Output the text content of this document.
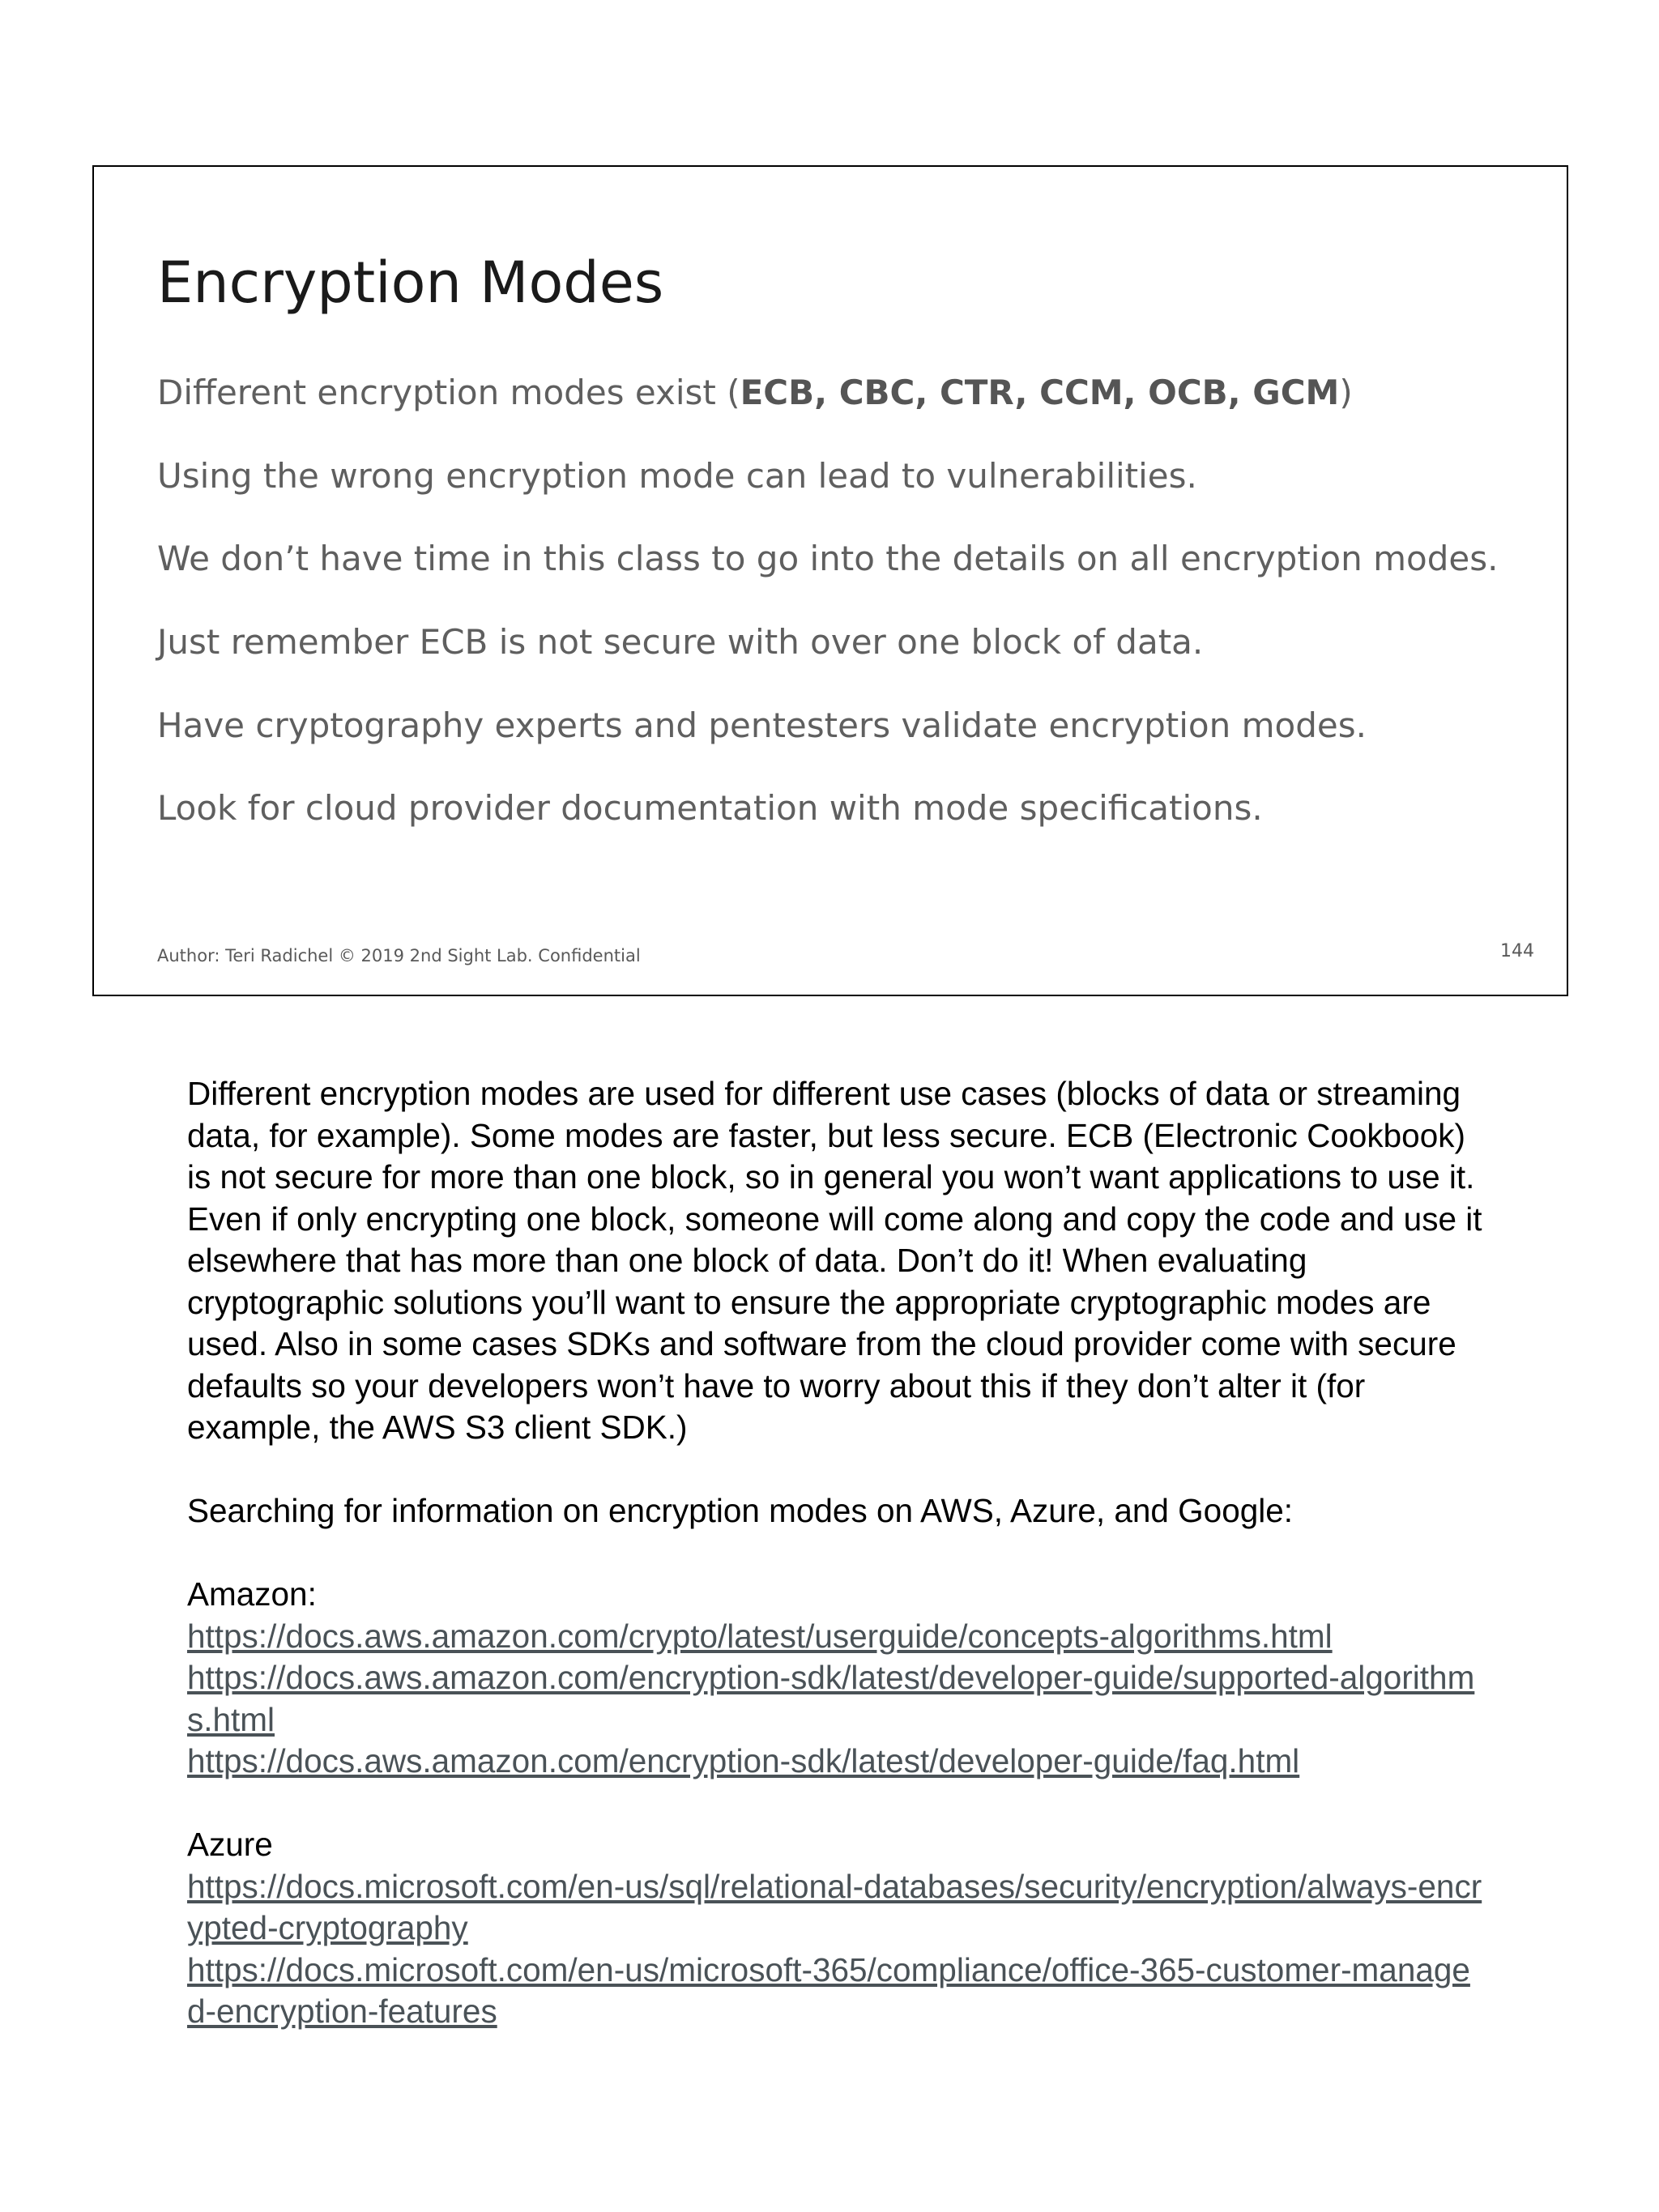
Encryption Modes

Different encryption modes exist (ECB, CBC, CTR, CCM, OCB, GCM)

Using the wrong encryption mode can lead to vulnerabilities.

We don’t have time in this class to go into the details on all encryption modes.

Just remember ECB is not secure with over one block of data.

Have cryptography experts and pentesters validate encryption modes.

Look for cloud provider documentation with mode specifications.

Author: Teri Radichel © 2019 2nd Sight Lab. Confidential	144

Different encryption modes are used for different use cases (blocks of data or streaming data, for example). Some modes are faster, but less secure. ECB (Electronic Cookbook) is not secure for more than one block, so in general you won’t want applications to use it. Even if only encrypting one block, someone will come along and copy the code and use it elsewhere that has more than one block of data. Don’t do it! When evaluating cryptographic solutions you’ll want to ensure the appropriate cryptographic modes are used. Also in some cases SDKs and software from the cloud provider come with secure defaults so your developers won’t have to worry about this if they don’t alter it (for example, the AWS S3 client SDK.)

Searching for information on encryption modes on AWS, Azure, and Google:

Amazon:

https://docs.aws.amazon.com/crypto/latest/userguide/concepts-algorithms.html
https://docs.aws.amazon.com/encryption-sdk/latest/developer-guide/supported-algorithms.html
https://docs.aws.amazon.com/encryption-sdk/latest/developer-guide/faq.html

Azure

https://docs.microsoft.com/en-us/sql/relational-databases/security/encryption/always-encrypted-cryptography
https://docs.microsoft.com/en-us/microsoft-365/compliance/office-365-customer-managed-encryption-features
